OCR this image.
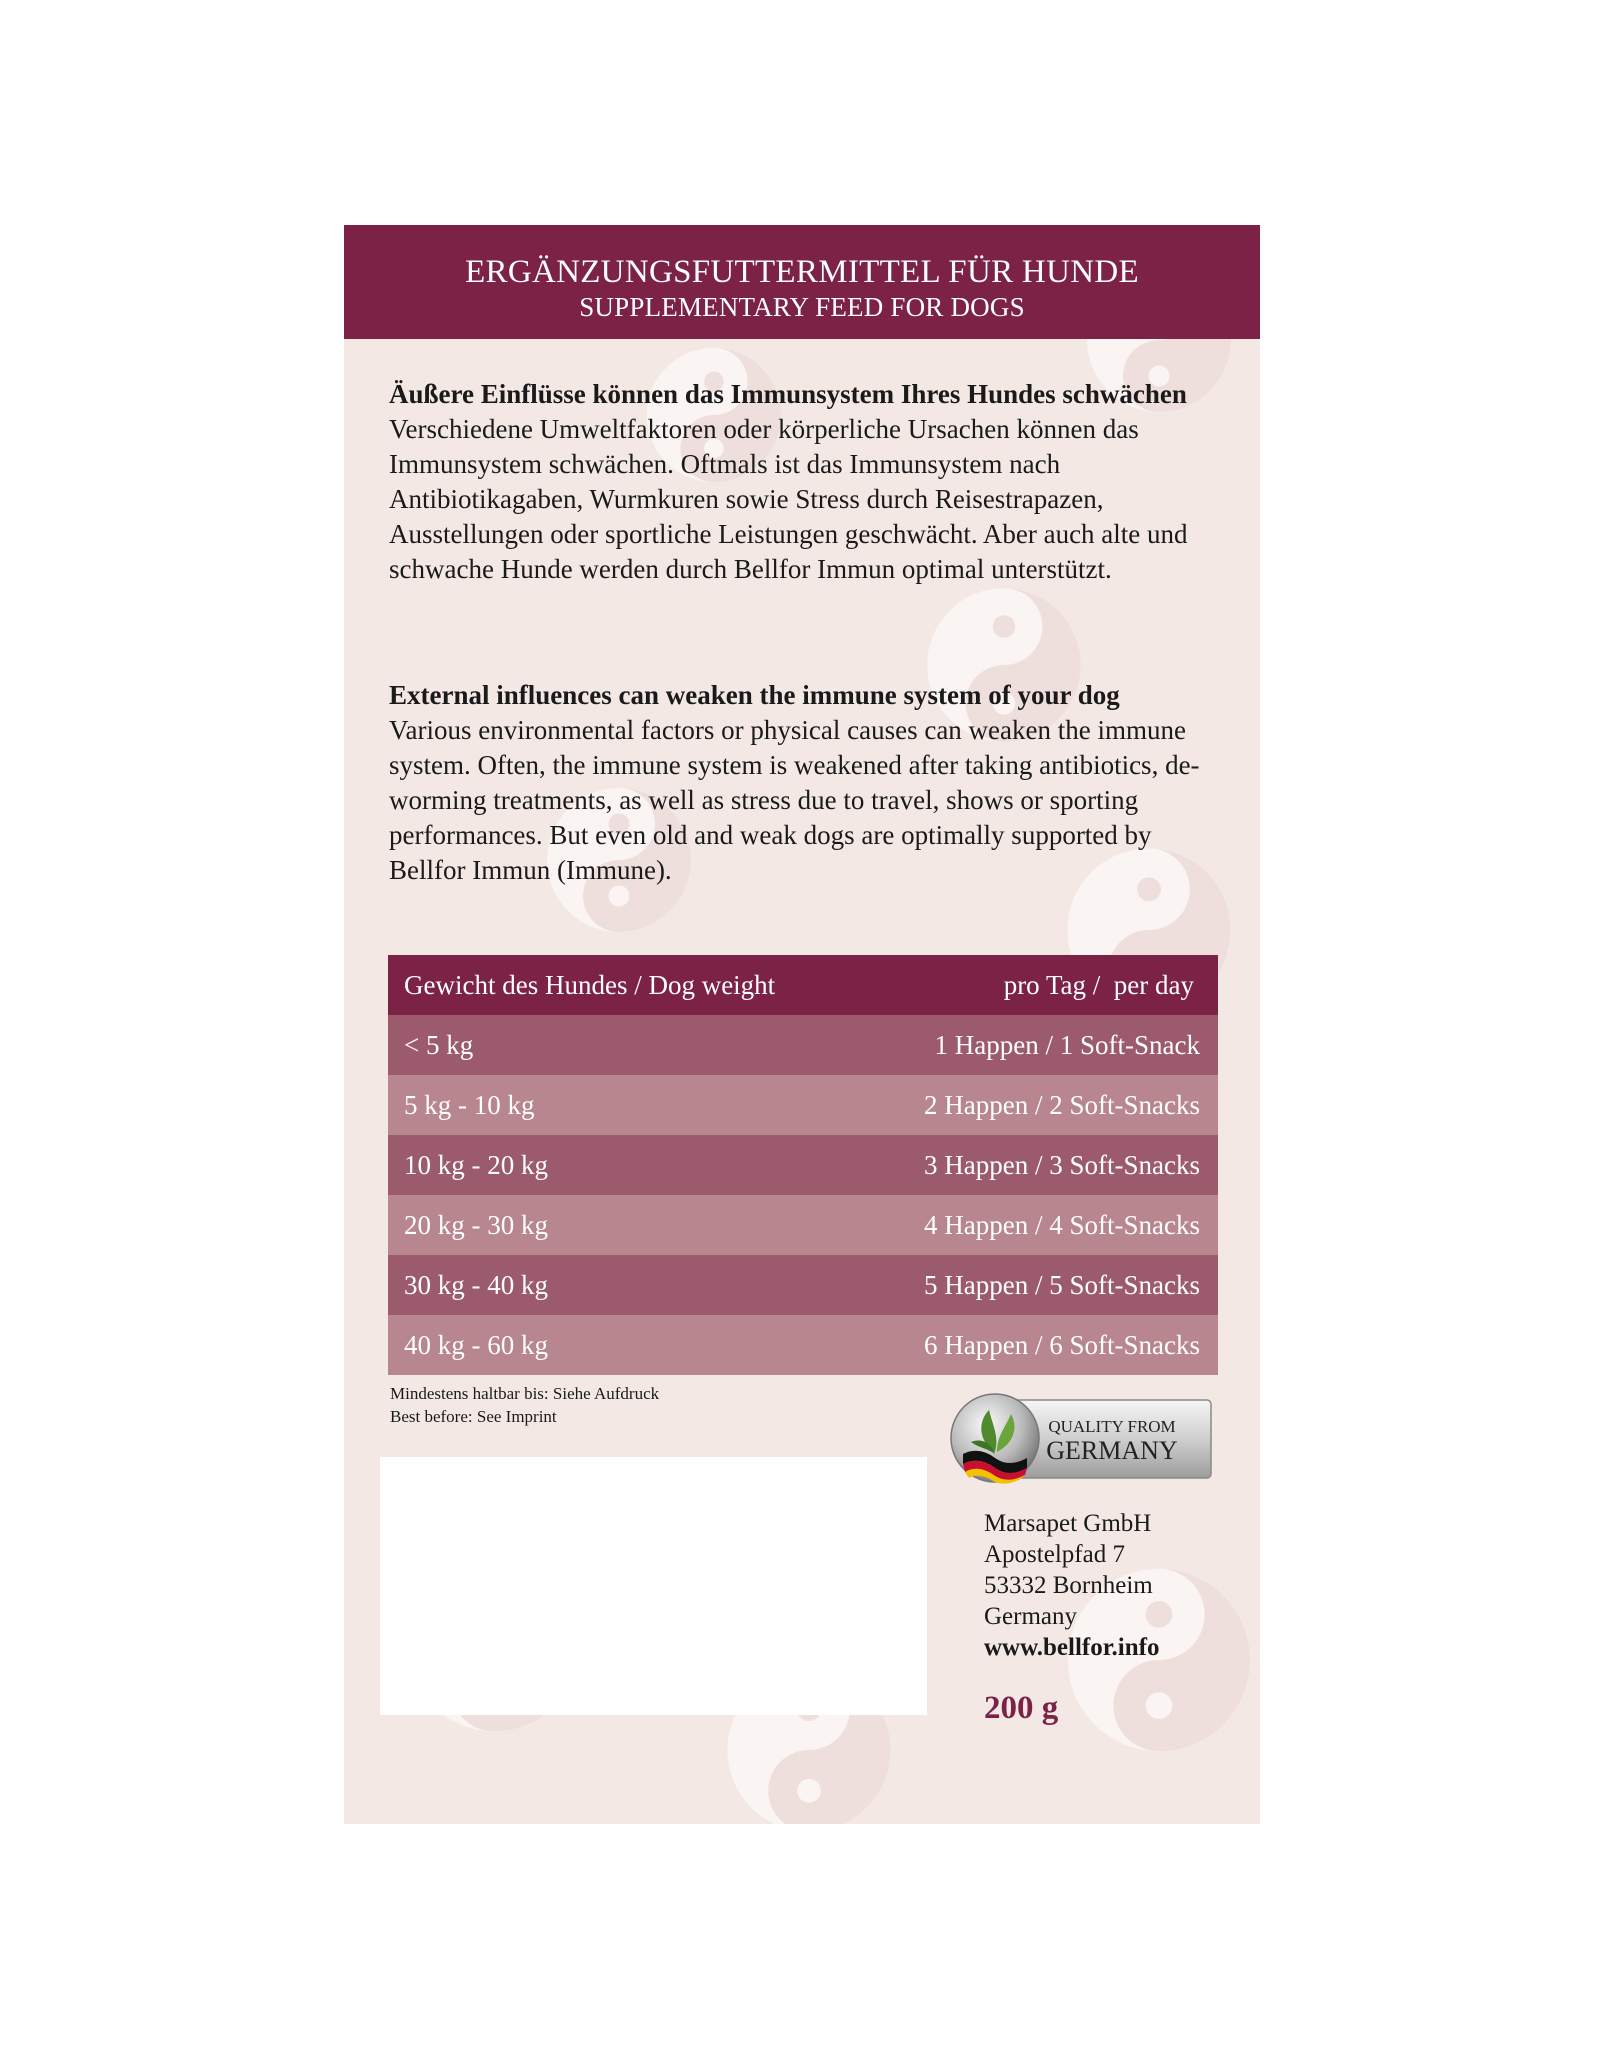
ERGÄNZUNGSFUTTERMITTEL FÜR HUNDE
SUPPLEMENTARY FEED FOR DOGS
Äußere Einflüsse können das Immunsystem Ihres Hundes schwächen
Verschiedene Umweltfaktoren oder körperliche Ursachen können das Immunsystem schwächen. Oftmals ist das Immunsystem nach Antibiotikagaben, Wurmkuren sowie Stress durch Reisestrapazen, Ausstellungen oder sportliche Leistungen geschwächt. Aber auch alte und schwache Hunde werden durch Bellfor Immun optimal unterstützt.
External influences can weaken the immune system of your dog
Various environmental factors or physical causes can weaken the immune system. Often, the immune system is weakened after taking antibiotics, de-worming treatments, as well as stress due to travel, shows or sporting performances. But even old and weak dogs are optimally supported by Bellfor Immun (Immune).
Gewicht des Hundes / Dog weight	pro Tag /  per day
< 5 kg	1 Happen / 1 Soft-Snack
5 kg - 10 kg	2 Happen / 2 Soft-Snacks
10 kg - 20 kg	3 Happen / 3 Soft-Snacks
20 kg - 30 kg	4 Happen / 4 Soft-Snacks
30 kg - 40 kg	5 Happen / 5 Soft-Snacks
40 kg - 60 kg	6 Happen / 6 Soft-Snacks
Mindestens haltbar bis: Siehe Aufdruck
Best before: See Imprint
QUALITY FROM
GERMANY
Marsapet GmbH
Apostelpfad 7
53332 Bornheim
Germany
www.bellfor.info
200 g
